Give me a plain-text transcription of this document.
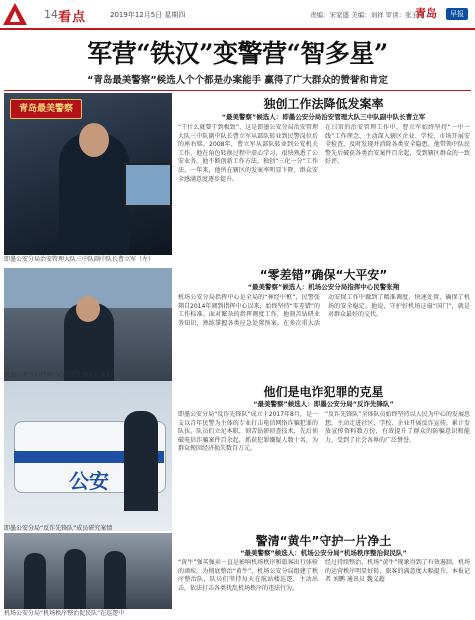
14 看点	2019年12月5日 星期四	责编：宋家盛 美编：刘祥 审读：张玉明
青岛	早报
军营“铁汉”变警营“智多星”
“青岛最美警察”候选人个个都是办案能手 赢得了广大群众的赞誉和肯定
青岛最美警察
即墨公安分局治安管理大队三中队副中队长曹立军（左）
独创工作法降低发案率
“最美警察”候选人：即墨公安分局治安管理大队三中队副中队长曹立军
“干什么就要干到极致”，这是即墨公安分局治安管理大队三中队副中队长曹立军从部队转业到民警岗位后的座右铭。2008年，曹立军从部队转业到公安机关工作，他在角色转换过程中虚心学习，很快熟悉了公安业务。他不断创新工作方法，独创“三化一分”工作法，一年来，他所在辖区的发案率明显下降，群众安全感满意度逐步提升。
在日常的治安管理工作中，曹立军始终坚持“一中一线”工作理念，主动深入辖区企业、学校、市场开展安全检查，及时发现并消除各类安全隐患。他带领中队民警先后破获各类治安案件百余起，受到辖区群众的一致好评。
“零差错”确保“大平安”
“最美警察”候选人：机场公安分局指挥中心民警张翔
机场公安分局指挥中心是全局的“神经中枢”，民警张翔自2014年调到指挥中心以来，始终坚持“零差错”的工作标准。面对繁杂的指挥调度工作，他刻苦钻研业务知识，熟练掌握各类应急处置预案，在多次重大活动安保工作中做到了精准调度、快速处置，确保了机场的安全稳定。他说，守护好机场这扇“国门”，就是对群众最好的交代。
公安
机场公安分局指挥中心民警张翔正在执勤
他们是电诈犯罪的克星
“最美警察”候选人：即墨公安分局“反诈先锋队”
即墨公安分局“反诈先锋队”成立于2017年8月，是一支以青年民警为主体的专业打击电信网络诈骗犯罪的队伍。队员们立足本职，刻苦钻研侦查技术，先后侦破电信诈骗案件百余起，抓获犯罪嫌疑人数十名，为群众挽回经济损失数百万元。
“反诈先锋队”全体队员始终坚持以人民为中心的发展思想，主动走进社区、学校、企业开展反诈宣传，累计发放宣传资料数万份，有效提升了群众的防骗意识和能力，受到了社会各界的广泛赞誉。
警清“黄牛”守护一片净土
“最美警察”候选人：机场公安分局“机场秩序整治促民队”
“黄牛”强买强卖一直是影响机场秩序和旅客出行体验的顽疾。为彻底整治“黄牛”，机场公安分局组建了秩序整治队，队员们坚持每天在航站楼巡逻，主动出击，依法打击各类扰乱机场秩序的违法行为。
经过持续整治，机场“黄牛”现象得到了有效遏制，机场的运营秩序明显好转，旅客的满意度大幅提升。本报记者 刘鹏 通讯员 魏义超
即墨公安分局“反诈先锋队”成员研究案情
机场公安分局“机场秩序整治促民队”在巡逻中
